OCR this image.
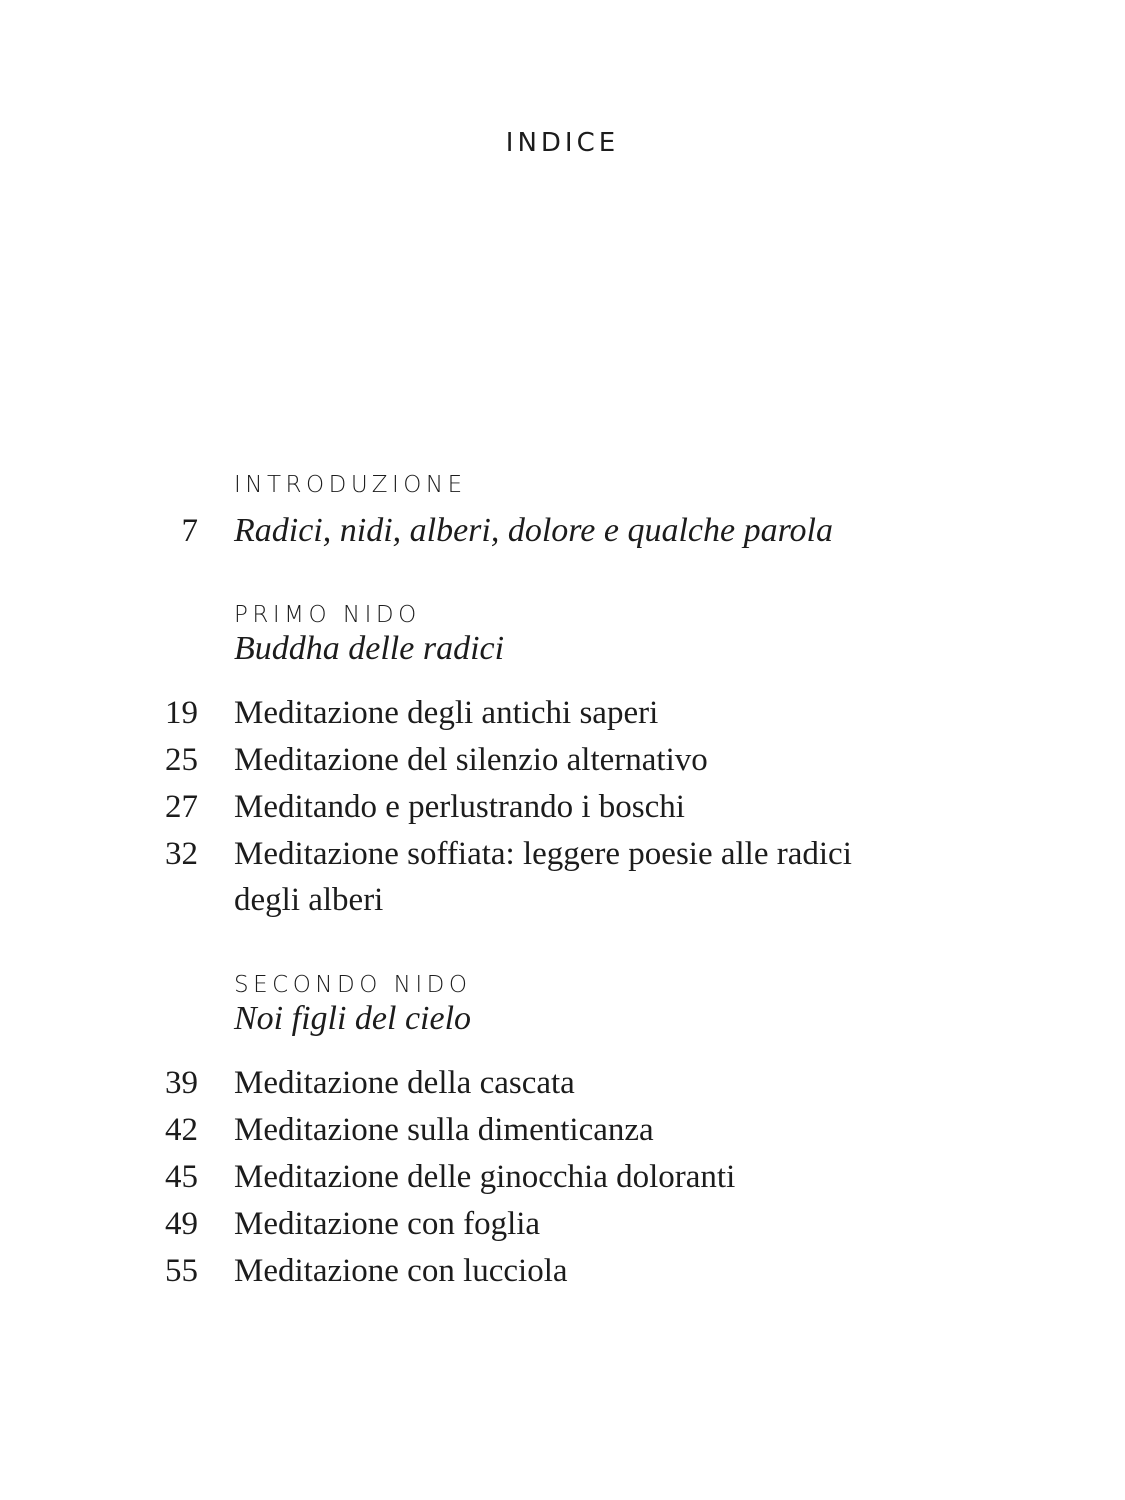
INDICE
INTRODUZIONE
7 Radici, nidi, alberi, dolore e qualche parola
PRIMO NIDO
Buddha delle radici
19 Meditazione degli antichi saperi
25 Meditazione del silenzio alternativo
27 Meditando e perlustrando i boschi
32 Meditazione soffiata: leggere poesie alle radici degli alberi
SECONDO NIDO
Noi figli del cielo
39 Meditazione della cascata
42 Meditazione sulla dimenticanza
45 Meditazione delle ginocchia doloranti
49 Meditazione con foglia
55 Meditazione con lucciola
